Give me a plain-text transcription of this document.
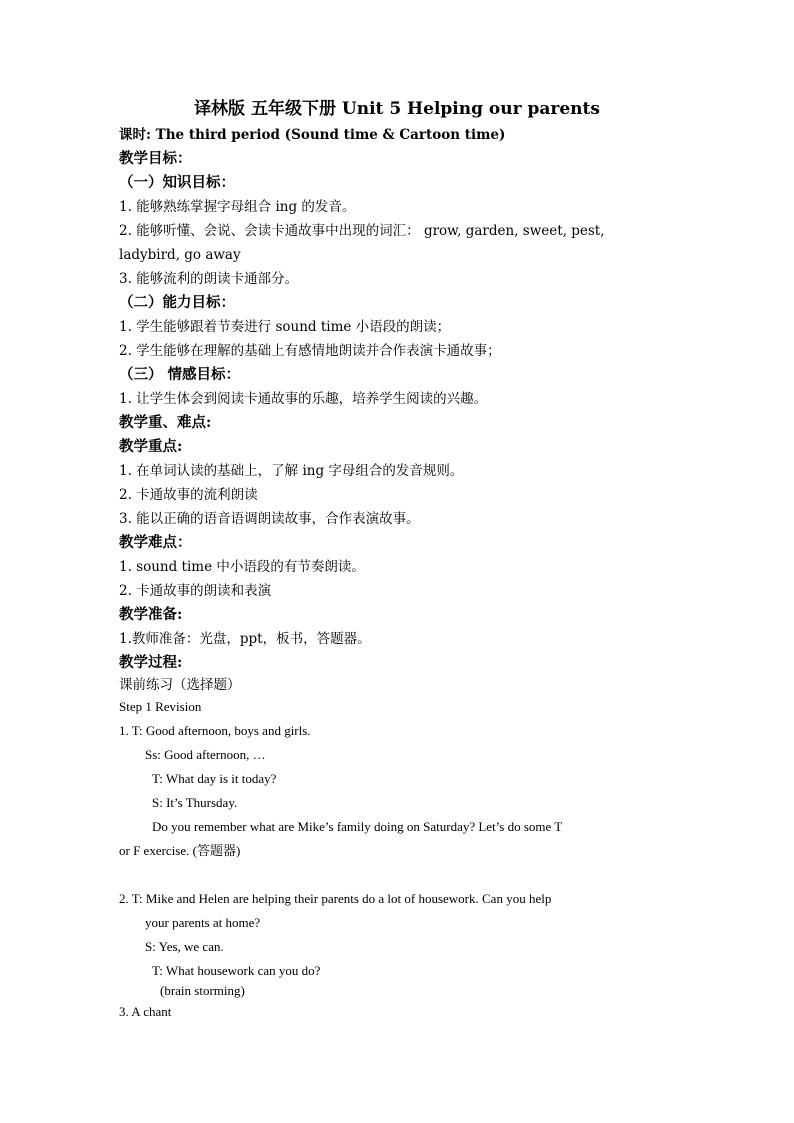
译林版 五年级下册 Unit 5 Helping our parents
课时: The third period (Sound time & Cartoon time)
教学目标：
（一）知识目标：
1. 能够熟练掌握字母组合 ing 的发音。
2. 能够听懂、会说、会读卡通故事中出现的词汇： grow, garden, sweet, pest,
ladybird, go away
3. 能够流利的朗读卡通部分。
（二）能力目标：
1. 学生能够跟着节奏进行 sound time 小语段的朗读；
2. 学生能够在理解的基础上有感情地朗读并合作表演卡通故事；
（三） 情感目标：
1. 让学生体会到阅读卡通故事的乐趣，培养学生阅读的兴趣。
教学重、难点:
教学重点:
1. 在单词认读的基础上，了解 ing 字母组合的发音规则。
2. 卡通故事的流利朗读
3. 能以正确的语音语调朗读故事，合作表演故事。
教学难点：
1. sound time 中小语段的有节奏朗读。
2. 卡通故事的朗读和表演
教学准备:
1.教师准备：光盘，ppt，板书，答题器。
教学过程:
课前练习（选择题）
Step 1 Revision
1. T: Good afternoon, boys and girls.
Ss: Good afternoon, …
T: What day is it today?
S: It’s Thursday.
Do you remember what are Mike’s family doing on Saturday? Let’s do some T
or F exercise. (答题器)
2. T: Mike and Helen are helping their parents do a lot of housework. Can you help
your parents at home?
S: Yes, we can.
T: What housework can you do?
(brain storming)
3. A chant
